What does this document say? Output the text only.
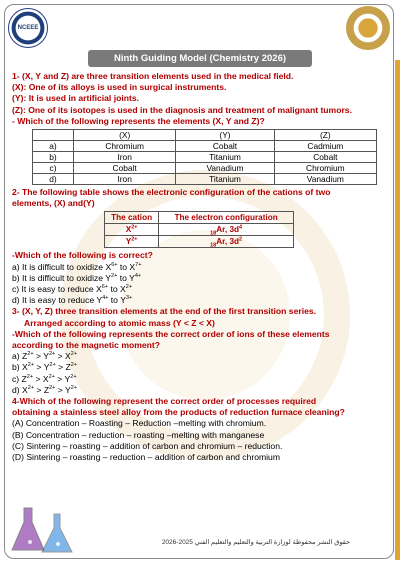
NCEEE
Ninth Guiding Model (Chemistry 2026)

1- (X, Y and Z) are three transition elements used in the medical field.

(X): One of its alloys is used in surgical instruments.

(Y): It is used in artificial joints.

(Z): One of its isotopes is used in the diagnosis and treatment of malignant tumors.

- Which of the following represents the elements (X, Y and Z)?

	(X)	(Y)	(Z)
a)	Chromium	Cobalt	Cadmium
b)	Iron	Titanium	Cobalt
c)	Cobalt	Vanadium	Chromium
d)	Iron	Titanium	Vanadium

2- The following table shows the electronic configuration of the cations of two

elements, (X) and(Y)

The cation	The electron configuration
$X^{2+}$	$_{18}$Ar, $3d^4$
$Y^{2+}$	$_{18}$Ar, $3d^2$

-Which of the following is correct?

a) It is difficult to oxidize $X^{6+}$ to $X^{7+}$

b) It is difficult to oxidize $Y^{2+}$ to $Y^{4+}$

c) It is easy to reduce $X^{6+}$ to $X^{2+}$

d) It is easy to reduce $Y^{4+}$ to $Y^{3+}$

3- (X, Y, Z) three transition elements at the end of the first transition series.

Arranged according to atomic mass (Y < Z < X)

-Which of the following represents the correct order of ions of these elements

according to the magnetic moment?

a) $Z^{2+} > Y^{2+} > X^{2+}$

b) $X^{2+} > Y^{2+} > Z^{2+}$

c) $Z^{2+} > X^{2+} > Y^{2+}$

d) $X^{2+} > Z^{2+} > Y^{2+}$

4-Which of the following represent the correct order of processes required

obtaining a stainless steel alloy from the products of reduction furnace cleaning?

(A) Concentration – Roasting – Reduction –melting with chromium.

(B) Concentration – reduction – roasting –melting with manganese

(C) Sintering – roasting – addition of carbon and chromium – reduction.

(D) Sintering – roasting – reduction – addition of carbon and chromium

حقوق النشر محفوظة لوزارة التربية والتعليم والتعليم الفني 2025-2026
